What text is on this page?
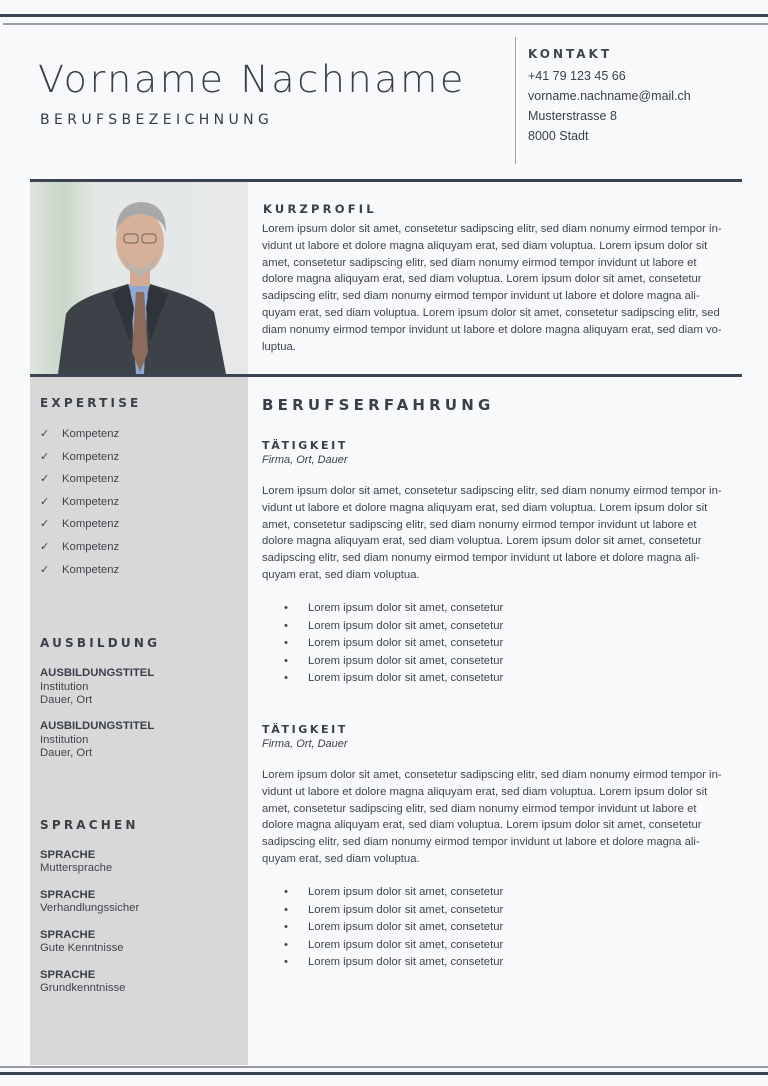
Vorname Nachname
BERUFSBEZEICHNUNG
KONTAKT
+41 79 123 45 66
vorname.nachname@mail.ch
Musterstrasse 8
8000 Stadt
KURZPROFIL
Lorem ipsum dolor sit amet, consetetur sadipscing elitr, sed diam nonumy eirmod tempor in-
vidunt ut labore et dolore magna aliquyam erat, sed diam voluptua. Lorem ipsum dolor sit
amet, consetetur sadipscing elitr, sed diam nonumy eirmod tempor invidunt ut labore et
dolore magna aliquyam erat, sed diam voluptua. Lorem ipsum dolor sit amet, consetetur
sadipscing elitr, sed diam nonumy eirmod tempor invidunt ut labore et dolore magna ali-
quyam erat, sed diam voluptua. Lorem ipsum dolor sit amet, consetetur sadipscing elitr, sed
diam nonumy eirmod tempor invidunt ut labore et dolore magna aliquyam erat, sed diam vo-
luptua.
EXPERTISE
✓ Kompetenz
✓ Kompetenz
✓ Kompetenz
✓ Kompetenz
✓ Kompetenz
✓ Kompetenz
✓ Kompetenz
AUSBILDUNG
AUSBILDUNGSTITEL
Institution
Dauer, Ort
AUSBILDUNGSTITEL
Institution
Dauer, Ort
SPRACHEN
SPRACHE
Muttersprache
SPRACHE
Verhandlungssicher
SPRACHE
Gute Kenntnisse
SPRACHE
Grundkenntnisse
BERUFSERFAHRUNG
TÄTIGKEIT
Firma, Ort, Dauer
Lorem ipsum dolor sit amet, consetetur sadipscing elitr, sed diam nonumy eirmod tempor in-
vidunt ut labore et dolore magna aliquyam erat, sed diam voluptua. Lorem ipsum dolor sit
amet, consetetur sadipscing elitr, sed diam nonumy eirmod tempor invidunt ut labore et
dolore magna aliquyam erat, sed diam voluptua. Lorem ipsum dolor sit amet, consetetur
sadipscing elitr, sed diam nonumy eirmod tempor invidunt ut labore et dolore magna ali-
quyam erat, sed diam voluptua.
• Lorem ipsum dolor sit amet, consetetur
• Lorem ipsum dolor sit amet, consetetur
• Lorem ipsum dolor sit amet, consetetur
• Lorem ipsum dolor sit amet, consetetur
• Lorem ipsum dolor sit amet, consetetur
TÄTIGKEIT
Firma, Ort, Dauer
Lorem ipsum dolor sit amet, consetetur sadipscing elitr, sed diam nonumy eirmod tempor in-
vidunt ut labore et dolore magna aliquyam erat, sed diam voluptua. Lorem ipsum dolor sit
amet, consetetur sadipscing elitr, sed diam nonumy eirmod tempor invidunt ut labore et
dolore magna aliquyam erat, sed diam voluptua. Lorem ipsum dolor sit amet, consetetur
sadipscing elitr, sed diam nonumy eirmod tempor invidunt ut labore et dolore magna ali-
quyam erat, sed diam voluptua.
• Lorem ipsum dolor sit amet, consetetur
• Lorem ipsum dolor sit amet, consetetur
• Lorem ipsum dolor sit amet, consetetur
• Lorem ipsum dolor sit amet, consetetur
• Lorem ipsum dolor sit amet, consetetur
